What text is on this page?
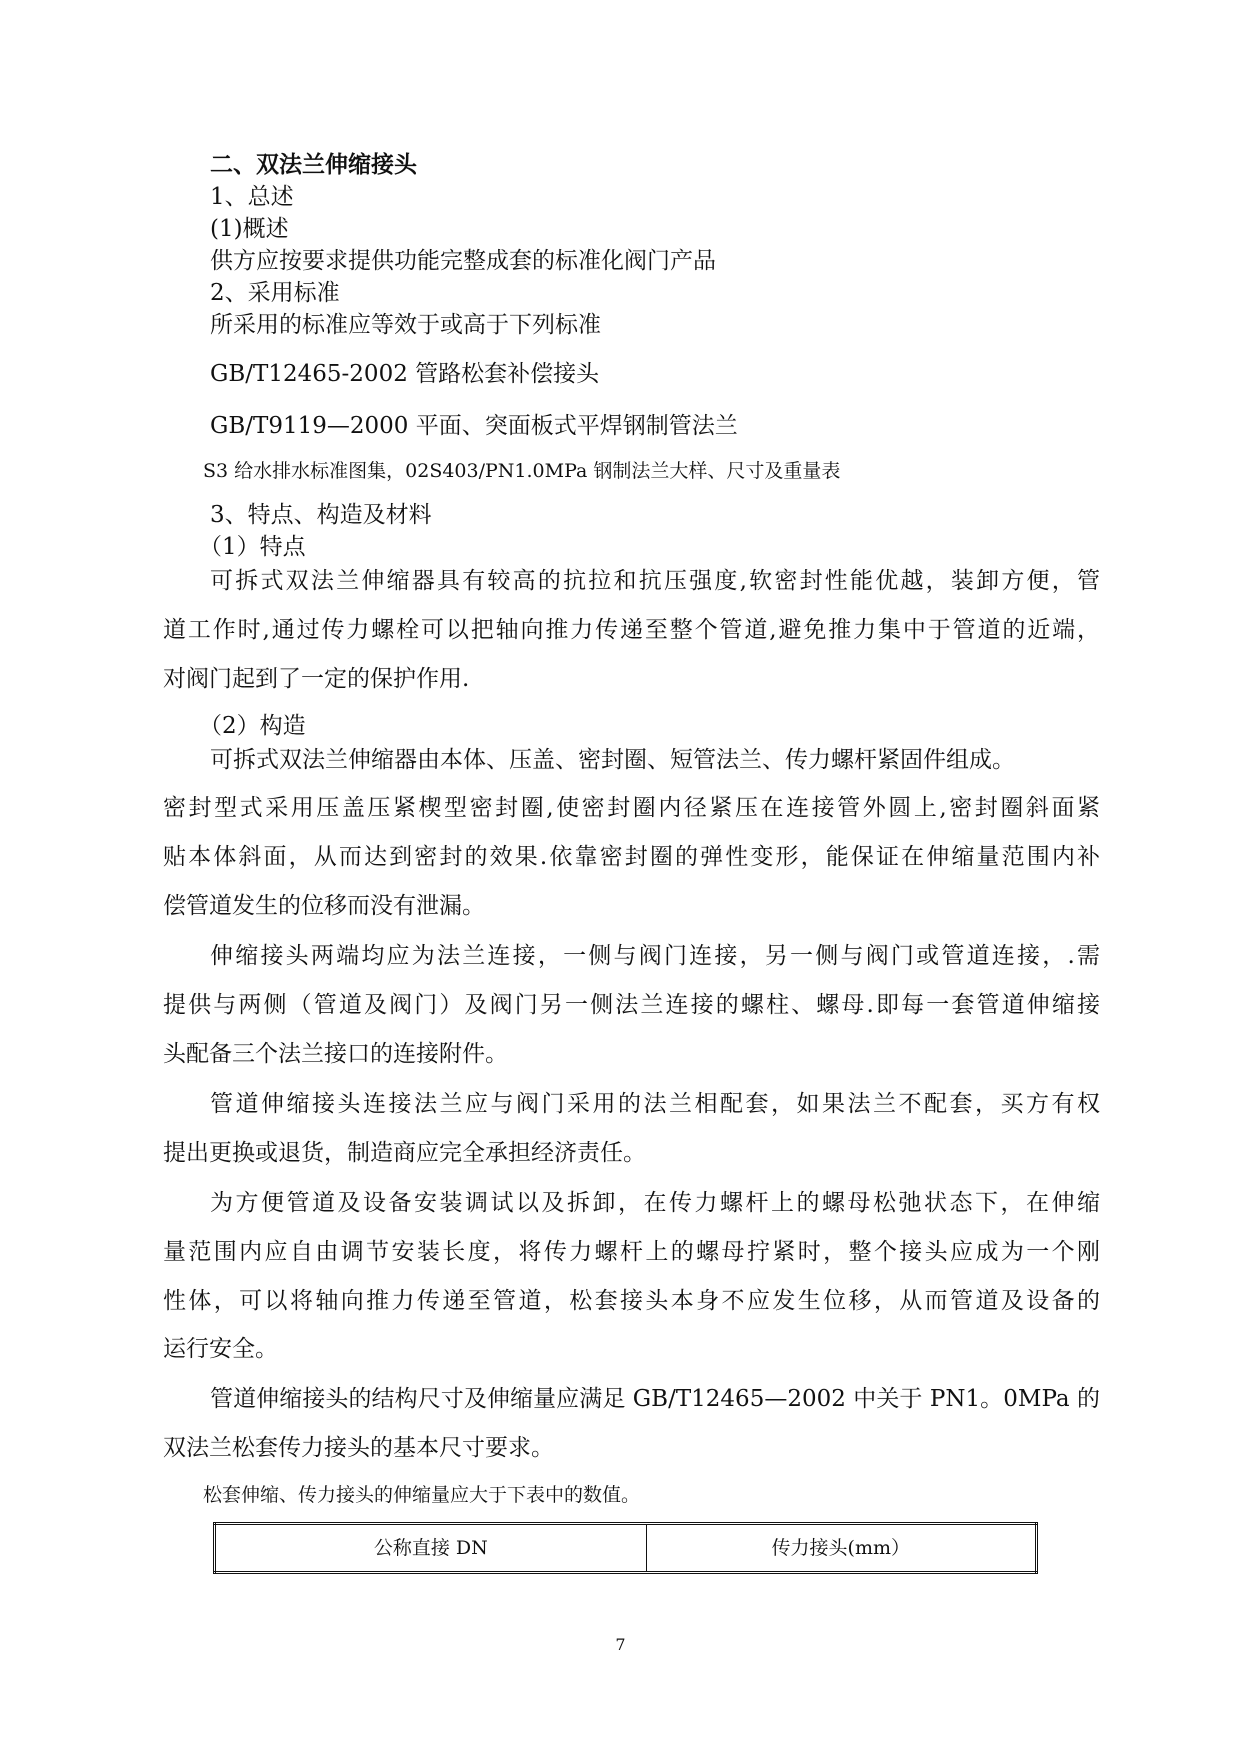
二、双法兰伸缩接头
1、总述
(1)概述
供方应按要求提供功能完整成套的标准化阀门产品
2、采用标准
所采用的标准应等效于或高于下列标准
GB/T12465-2002 管路松套补偿接头
GB/T9119—2000 平面、突面板式平焊钢制管法兰
S3 给水排水标准图集，02S403/PN1.0MPa 钢制法兰大样、尺寸及重量表
3、特点、构造及材料
（1）特点
可拆式双法兰伸缩器具有较高的抗拉和抗压强度,软密封性能优越，装卸方便，管
道工作时,通过传力螺栓可以把轴向推力传递至整个管道,避免推力集中于管道的近端，
对阀门起到了一定的保护作用.
（2）构造
可拆式双法兰伸缩器由本体、压盖、密封圈、短管法兰、传力螺杆紧固件组成。
密封型式采用压盖压紧楔型密封圈,使密封圈内径紧压在连接管外圆上,密封圈斜面紧
贴本体斜面，从而达到密封的效果.依靠密封圈的弹性变形，能保证在伸缩量范围内补
偿管道发生的位移而没有泄漏。
伸缩接头两端均应为法兰连接，一侧与阀门连接，另一侧与阀门或管道连接，.需
提供与两侧（管道及阀门）及阀门另一侧法兰连接的螺柱、螺母.即每一套管道伸缩接
头配备三个法兰接口的连接附件。
管道伸缩接头连接法兰应与阀门采用的法兰相配套，如果法兰不配套，买方有权
提出更换或退货，制造商应完全承担经济责任。
为方便管道及设备安装调试以及拆卸，在传力螺杆上的螺母松弛状态下，在伸缩
量范围内应自由调节安装长度，将传力螺杆上的螺母拧紧时，整个接头应成为一个刚
性体，可以将轴向推力传递至管道，松套接头本身不应发生位移，从而管道及设备的
运行安全。
管道伸缩接头的结构尺寸及伸缩量应满足 GB/T12465—2002 中关于 PN1。0MPa 的
双法兰松套传力接头的基本尺寸要求。
松套伸缩、传力接头的伸缩量应大于下表中的数值。
公称直接 DN	传力接头(mm）
7
